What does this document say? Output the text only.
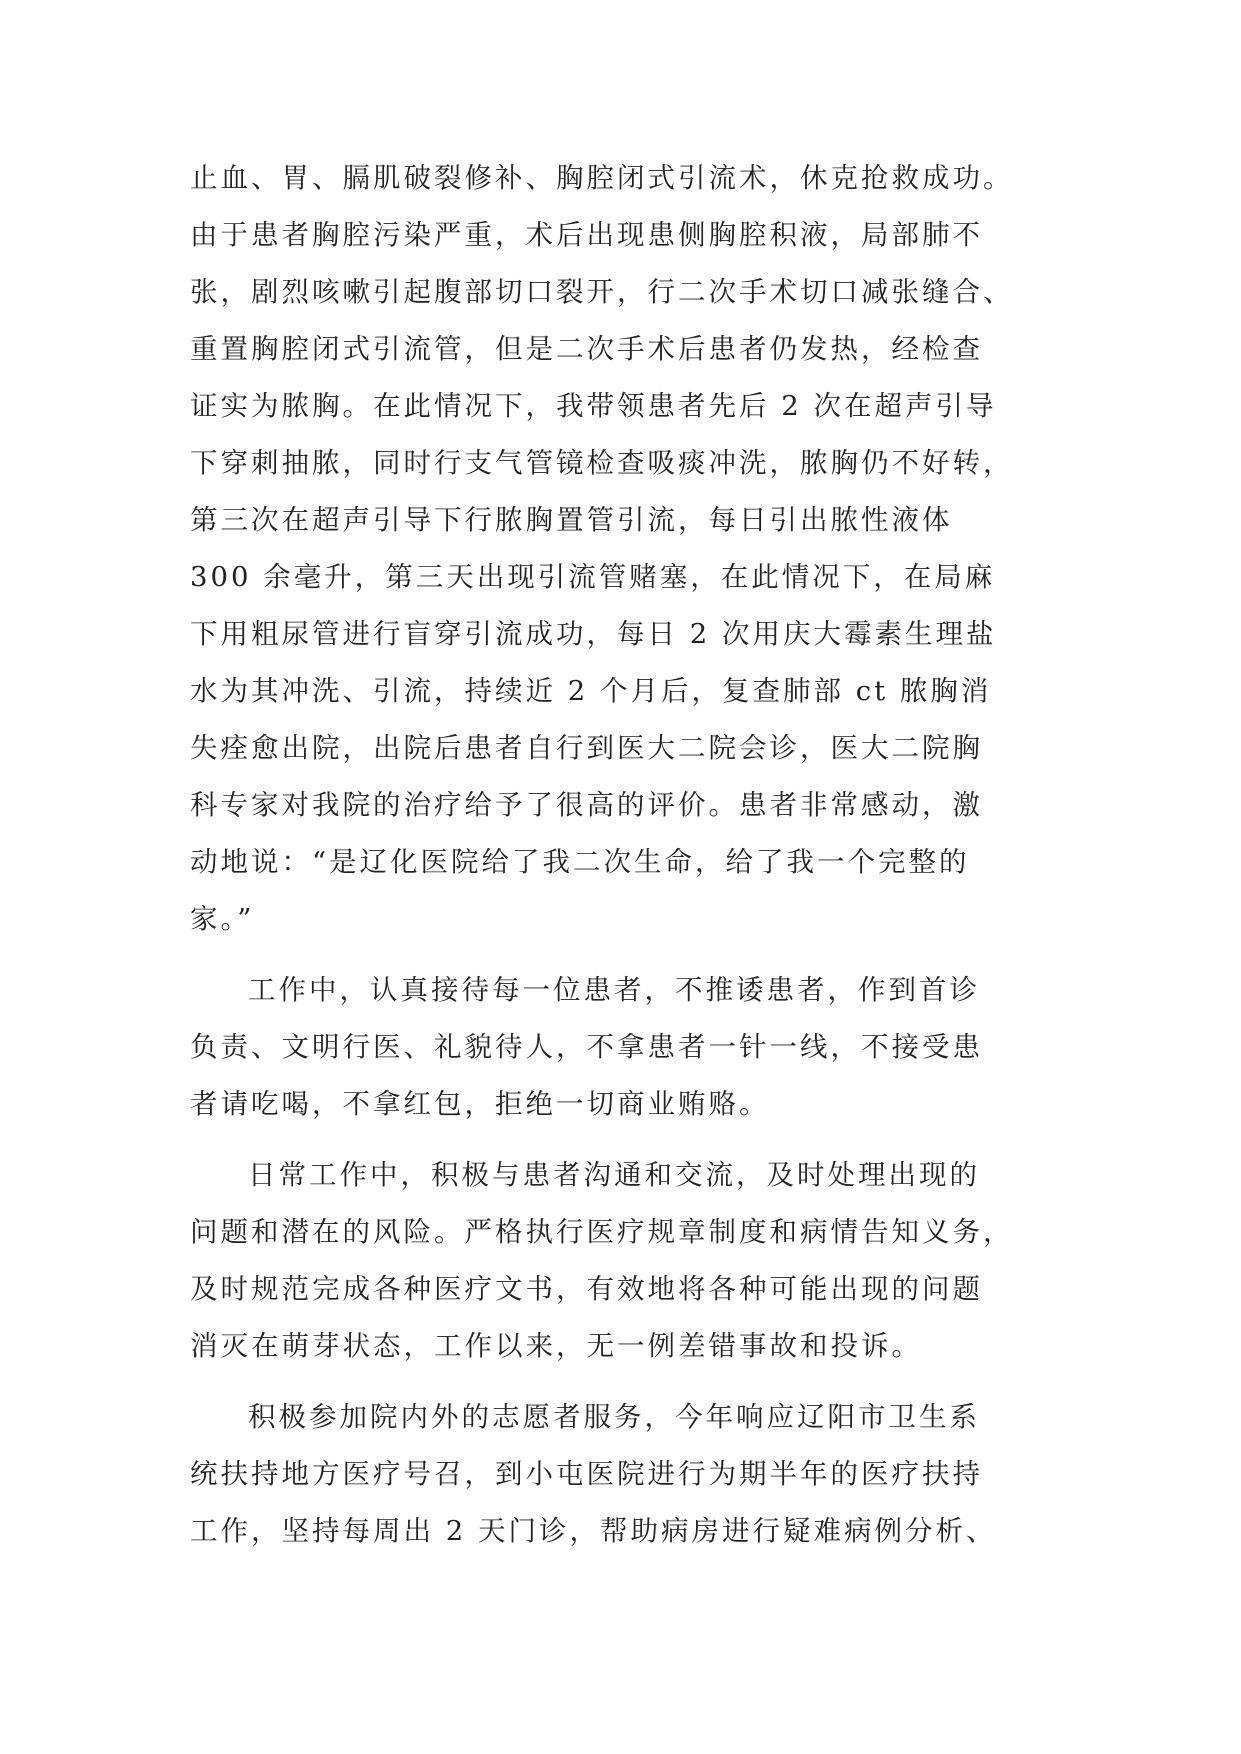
止血、胃、膈肌破裂修补、胸腔闭式引流术，休克抢救成功。
由于患者胸腔污染严重，术后出现患侧胸腔积液，局部肺不
张，剧烈咳嗽引起腹部切口裂开，行二次手术切口减张缝合、
重置胸腔闭式引流管，但是二次手术后患者仍发热，经检查
证实为脓胸。在此情况下，我带领患者先后 2 次在超声引导
下穿刺抽脓，同时行支气管镜检查吸痰冲洗，脓胸仍不好转，
第三次在超声引导下行脓胸置管引流，每日引出脓性液体
300 余毫升，第三天出现引流管赌塞，在此情况下，在局麻
下用粗尿管进行盲穿引流成功，每日 2 次用庆大霉素生理盐
水为其冲洗、引流，持续近 2 个月后，复查肺部 ct 脓胸消
失痊愈出院，出院后患者自行到医大二院会诊，医大二院胸
科专家对我院的治疗给予了很高的评价。患者非常感动，激
动地说：“是辽化医院给了我二次生命，给了我一个完整的
家。”
工作中，认真接待每一位患者，不推诿患者，作到首诊
负责、文明行医、礼貌待人，不拿患者一针一线，不接受患
者请吃喝，不拿红包，拒绝一切商业贿赂。
日常工作中，积极与患者沟通和交流，及时处理出现的
问题和潜在的风险。严格执行医疗规章制度和病情告知义务，
及时规范完成各种医疗文书，有效地将各种可能出现的问题
消灭在萌芽状态，工作以来，无一例差错事故和投诉。
积极参加院内外的志愿者服务，今年响应辽阳市卫生系
统扶持地方医疗号召，到小屯医院进行为期半年的医疗扶持
工作，坚持每周出 2 天门诊，帮助病房进行疑难病例分析、
